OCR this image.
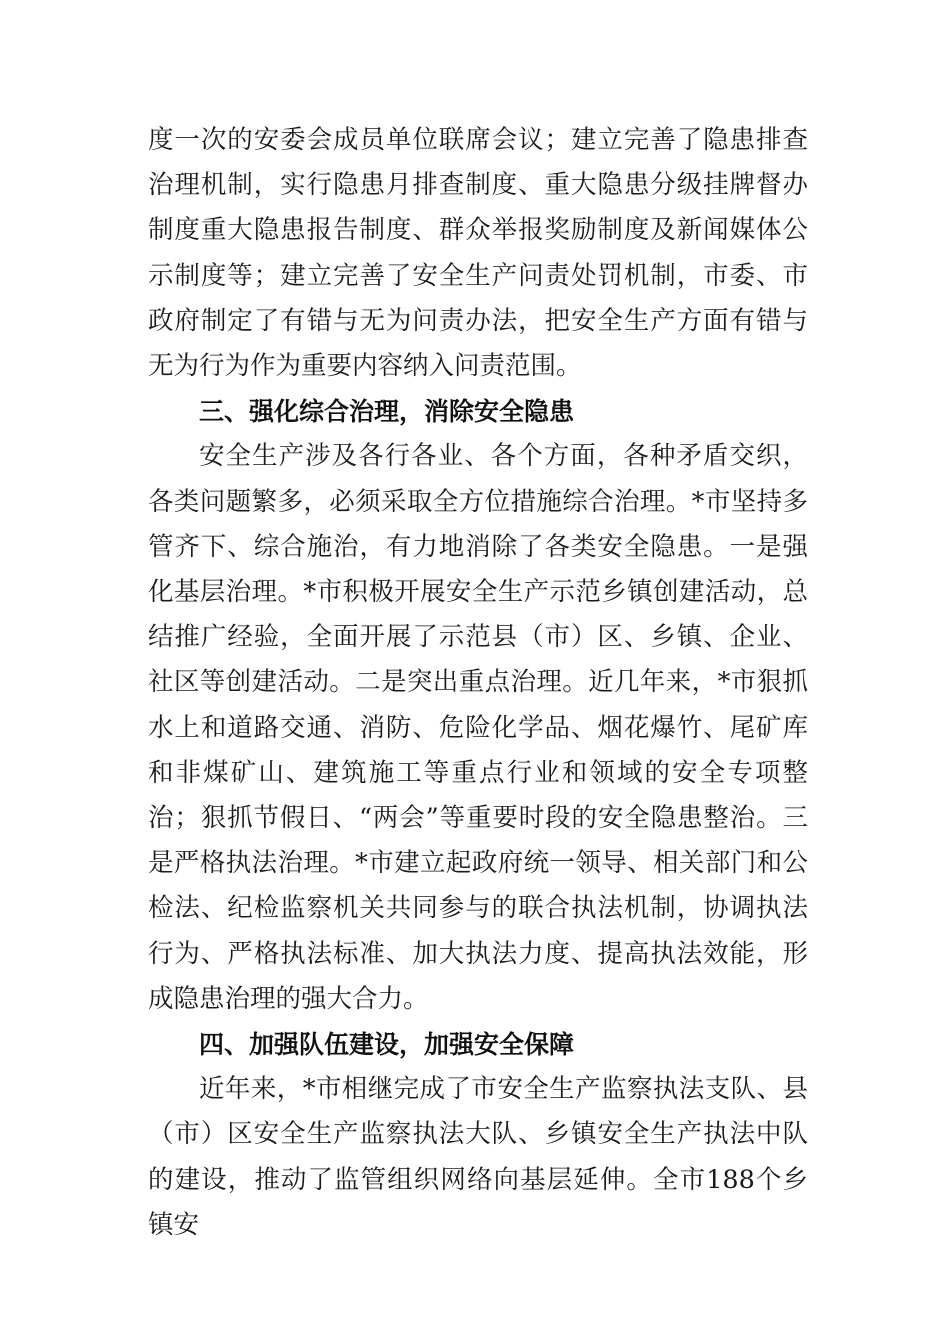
度一次的安委会成员单位联席会议；建立完善了隐患排查治理机制，实行隐患月排查制度、重大隐患分级挂牌督办制度重大隐患报告制度、群众举报奖励制度及新闻媒体公示制度等；建立完善了安全生产问责处罚机制，市委、市政府制定了有错与无为问责办法，把安全生产方面有错与无为行为作为重要内容纳入问责范围。

三、强化综合治理，消除安全隐患

安全生产涉及各行各业、各个方面，各种矛盾交织，各类问题繁多，必须采取全方位措施综合治理。*市坚持多管齐下、综合施治，有力地消除了各类安全隐患。一是强化基层治理。*市积极开展安全生产示范乡镇创建活动，总结推广经验，全面开展了示范县（市）区、乡镇、企业、社区等创建活动。二是突出重点治理。近几年来，*市狠抓水上和道路交通、消防、危险化学品、烟花爆竹、尾矿库和非煤矿山、建筑施工等重点行业和领域的安全专项整治；狠抓节假日、“两会”等重要时段的安全隐患整治。三是严格执法治理。*市建立起政府统一领导、相关部门和公检法、纪检监察机关共同参与的联合执法机制，协调执法行为、严格执法标准、加大执法力度、提高执法效能，形成隐患治理的强大合力。

四、加强队伍建设，加强安全保障

近年来，*市相继完成了市安全生产监察执法支队、县（市）区安全生产监察执法大队、乡镇安全生产执法中队的建设，推动了监管组织网络向基层延伸。全市188个乡镇安
